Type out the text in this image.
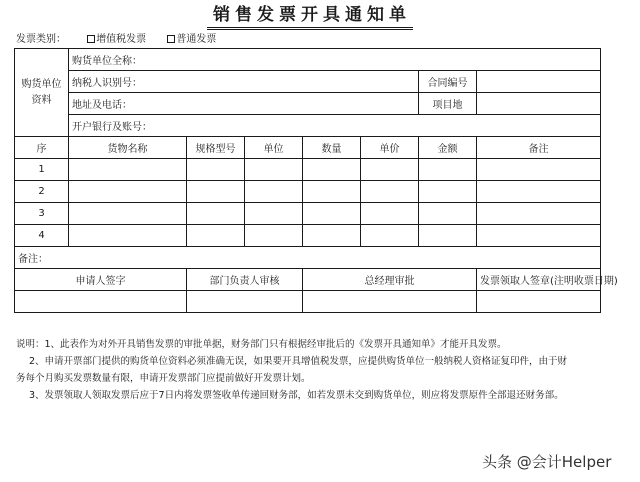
销售发票开具通知单
发票类别：	增值税发票	普通发票
购货单位资料	购货单位全称：						
	纳税人识别号：					合同编号	
	地址及电话：					项目地	
	开户银行及账号：						
序	货物名称	规格型号	单位	数量	单价	金额	备注
1							
2							
3							
4							
备注：							
申请人签字		部门负责人审核		总经理审批			发票领取人签章(注明收票日期)

说明：1、此表作为对外开具销售发票的审批单据，财务部门只有根据经审批后的《发票开具通知单》才能开具发票。

2、申请开票部门提供的购货单位资料必须准确无误，如果要开具增值税发票，应提供购货单位一般纳税人资格证复印件，由于财

务每个月购买发票数量有限，申请开发票部门应提前做好开发票计划。

3、发票领取人领取发票后应于7日内将发票签收单传递回财务部，如若发票未交到购货单位，则应将发票原件全部退还财务部。

头条 @会计Helper
